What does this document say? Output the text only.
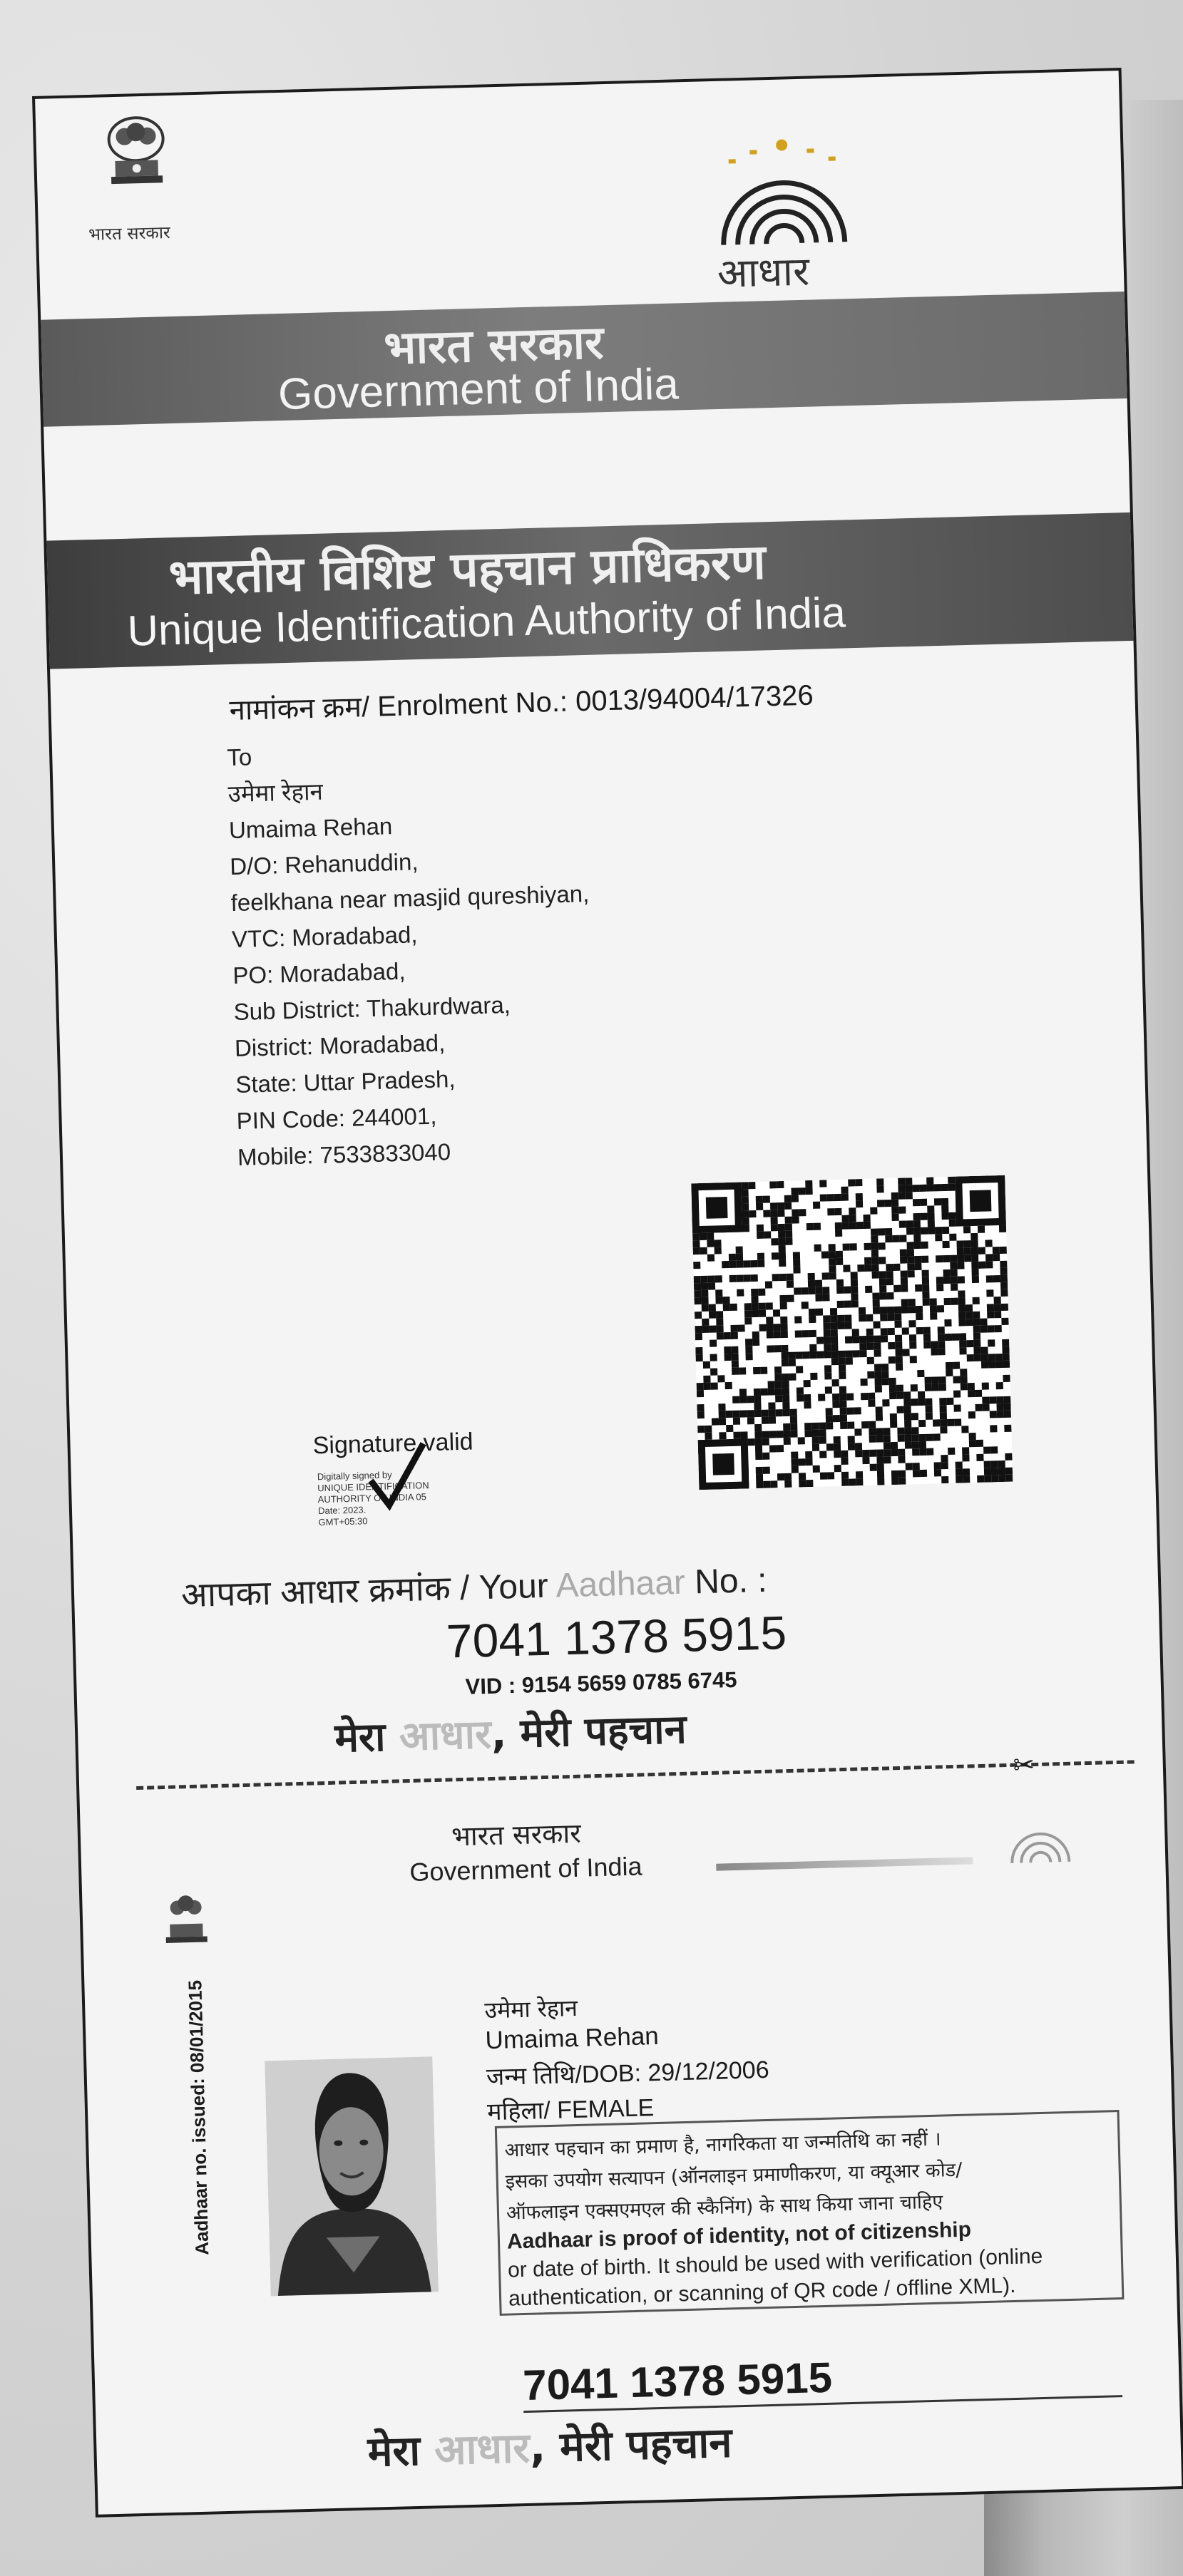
भारत सरकार
आधार
भारत सरकार
Government of India
भारतीय विशिष्ट पहचान प्राधिकरण
Unique Identification Authority of India
नामांकन क्रम/ Enrolment No.: 0013/94004/17326
To
उमेमा रेहान
Umaima Rehan
D/O: Rehanuddin,
feelkhana near masjid qureshiyan,
VTC: Moradabad,
PO: Moradabad,
Sub District: Thakurdwara,
District: Moradabad,
State: Uttar Pradesh,
PIN Code: 244001,
Mobile: 7533833040
Signature valid
Digitally signed by
UNIQUE IDENTIFICATION
AUTHORITY OF INDIA 05
Date: 2023.
GMT+05:30
आपका आधार क्रमांक / Your Aadhaar No. :
7041 1378 5915
VID : 9154 5659 0785 6745
मेरा आधार, मेरी पहचान
✂
भारत सरकार
Government of India
Aadhaar no. issued: 08/01/2015	उमेमा रेहान
Umaima Rehan
जन्म तिथि/DOB: 29/12/2006
महिला/ FEMALE
आधार पहचान का प्रमाण है, नागरिकता या जन्मतिथि का नहीं ।
इसका उपयोग सत्यापन (ऑनलाइन प्रमाणीकरण, या क्यूआर कोड/
ऑफलाइन एक्सएमएल की स्कैनिंग) के साथ किया जाना चाहिए
Aadhaar is proof of identity, not of citizenship
or date of birth. It should be used with verification (online
authentication, or scanning of QR code / offline XML).
7041 1378 5915
मेरा आधार, मेरी पहचान
